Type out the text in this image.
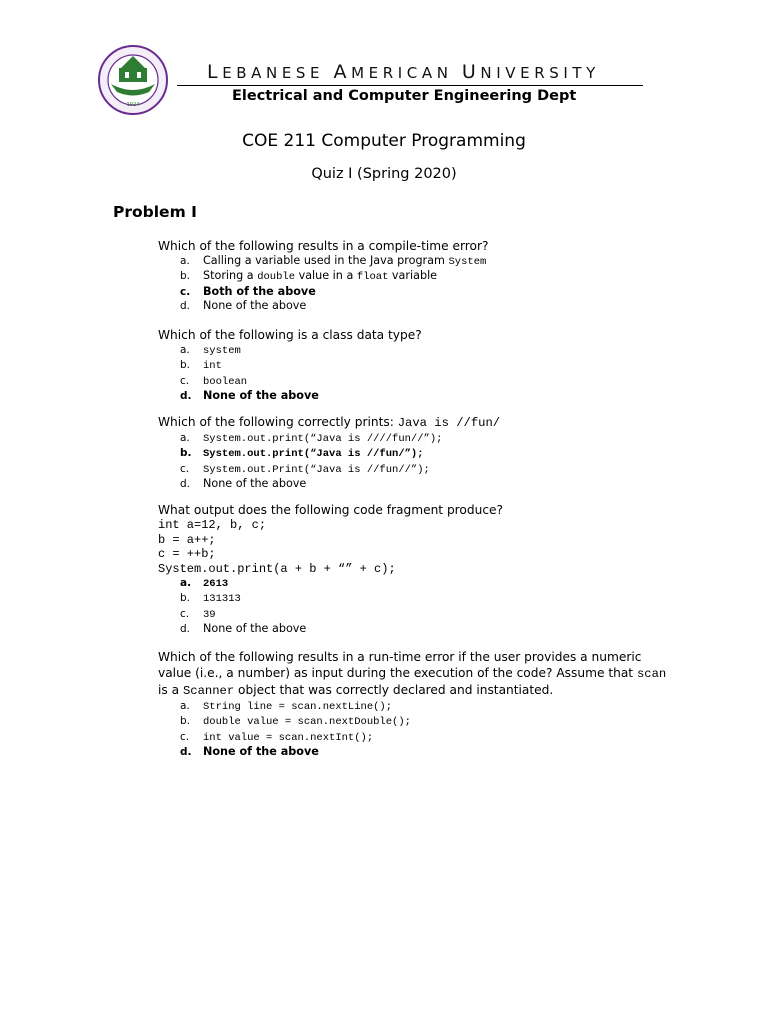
1924
LEBANESE AMERICAN UNIVERSITY
Electrical and Computer Engineering Dept
COE 211 Computer Programming
Quiz I (Spring 2020)
Problem I

Which of the following results in a compile-time error?

a. Calling a variable used in the Java program System
b. Storing a double value in a float variable
c. Both of the above
d. None of the above

Which of the following is a class data type?

a. system
b. int
c. boolean
d. None of the above

Which of the following correctly prints: Java is //fun/

a. System.out.print(“Java is ////fun//”);
b. System.out.print(“Java is //fun/”);
c. System.out.Print(“Java is //fun//”);
d. None of the above

What output does the following code fragment produce?

int a=12, b, c;
b = a++;
c = ++b;
System.out.print(a + b + “” + c);
a. 2613
b. 131313
c. 39
d. None of the above

Which of the following results in a run-time error if the user provides a numeric value (i.e., a number) as input during the execution of the code? Assume that scan is a Scanner object that was correctly declared and instantiated.

a. String line = scan.nextLine();
b. double value = scan.nextDouble();
c. int value = scan.nextInt();
d. None of the above
